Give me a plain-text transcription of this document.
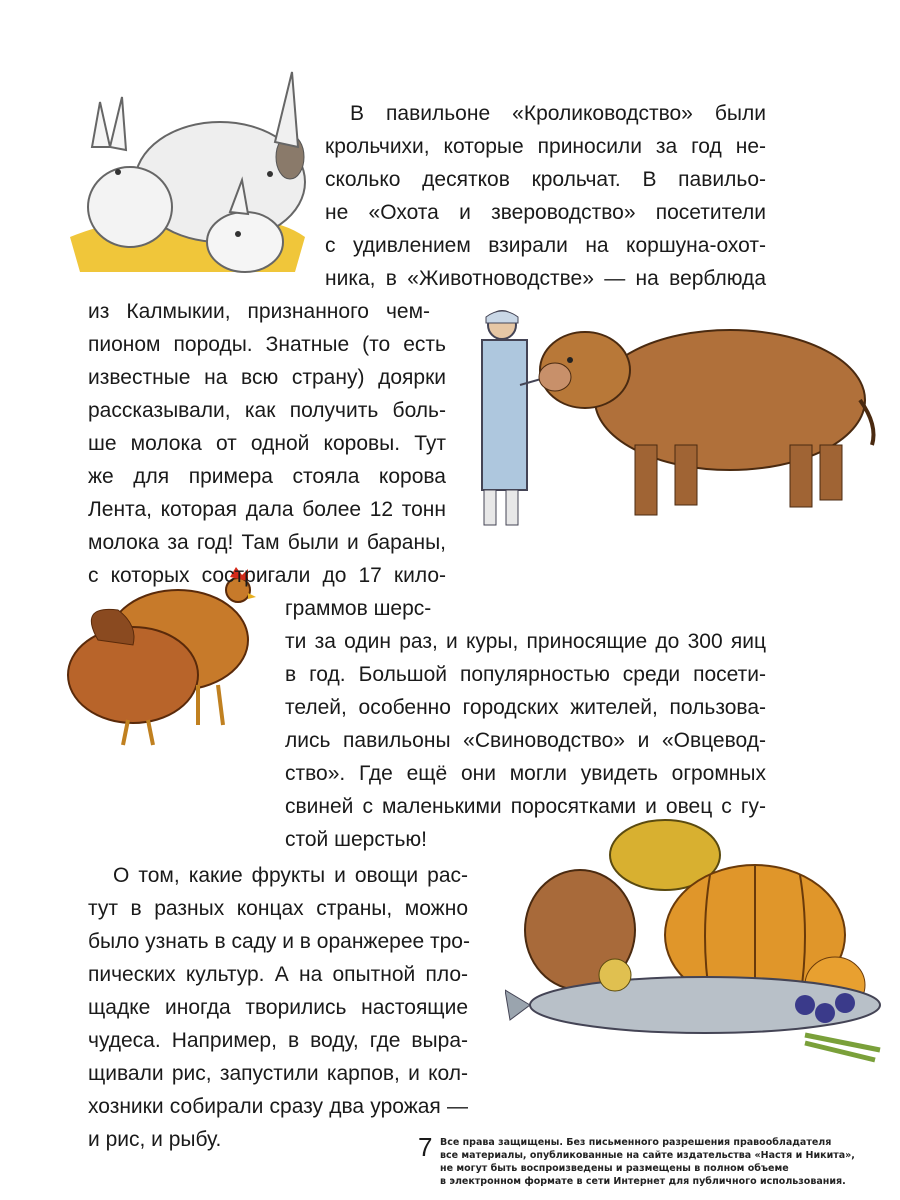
В павильоне «Кролиководство» были
крольчихи, которые приносили за год не-
сколько десятков крольчат. В павильо-
не «Охота и звероводство» посетители
с удивлением взирали на коршуна-охот-
ника, в «Животноводстве» — на верблюда
из Калмыкии, признанного чем-
пионом породы. Знатные (то есть
известные на всю страну) доярки
рассказывали, как получить боль-
ше молока от одной коровы. Тут
же для примера стояла корова
Лента, которая дала более 12 тонн
молока за год! Там были и бараны,
с которых состригали до 17 кило-
граммов шерс-
ти за один раз, и куры, приносящие до 300 яиц
в год. Большой популярностью среди посети-
телей, особенно городских жителей, пользова-
лись павильоны «Свиноводство» и «Овцевод-
ство». Где ещё они могли увидеть огромных
свиней с маленькими поросятками и овец с гу-
стой шерстью!
О том, какие фрукты и овощи рас-
тут в разных концах страны, можно
было узнать в саду и в оранжерее тро-
пических культур. А на опытной пло-
щадке иногда творились настоящие
чудеса. Например, в воду, где выра-
щивали рис, запустили карпов, и кол-
хозники собирали сразу два урожая —
и рис, и рыбу.	7 Все права защищены. Без письменного разрешения правообладателя
все материалы, опубликованные на сайте издательства «Настя и Никита»,
не могут быть воспроизведены и размещены в полном объеме
в электронном формате в сети Интернет для публичного использования.
